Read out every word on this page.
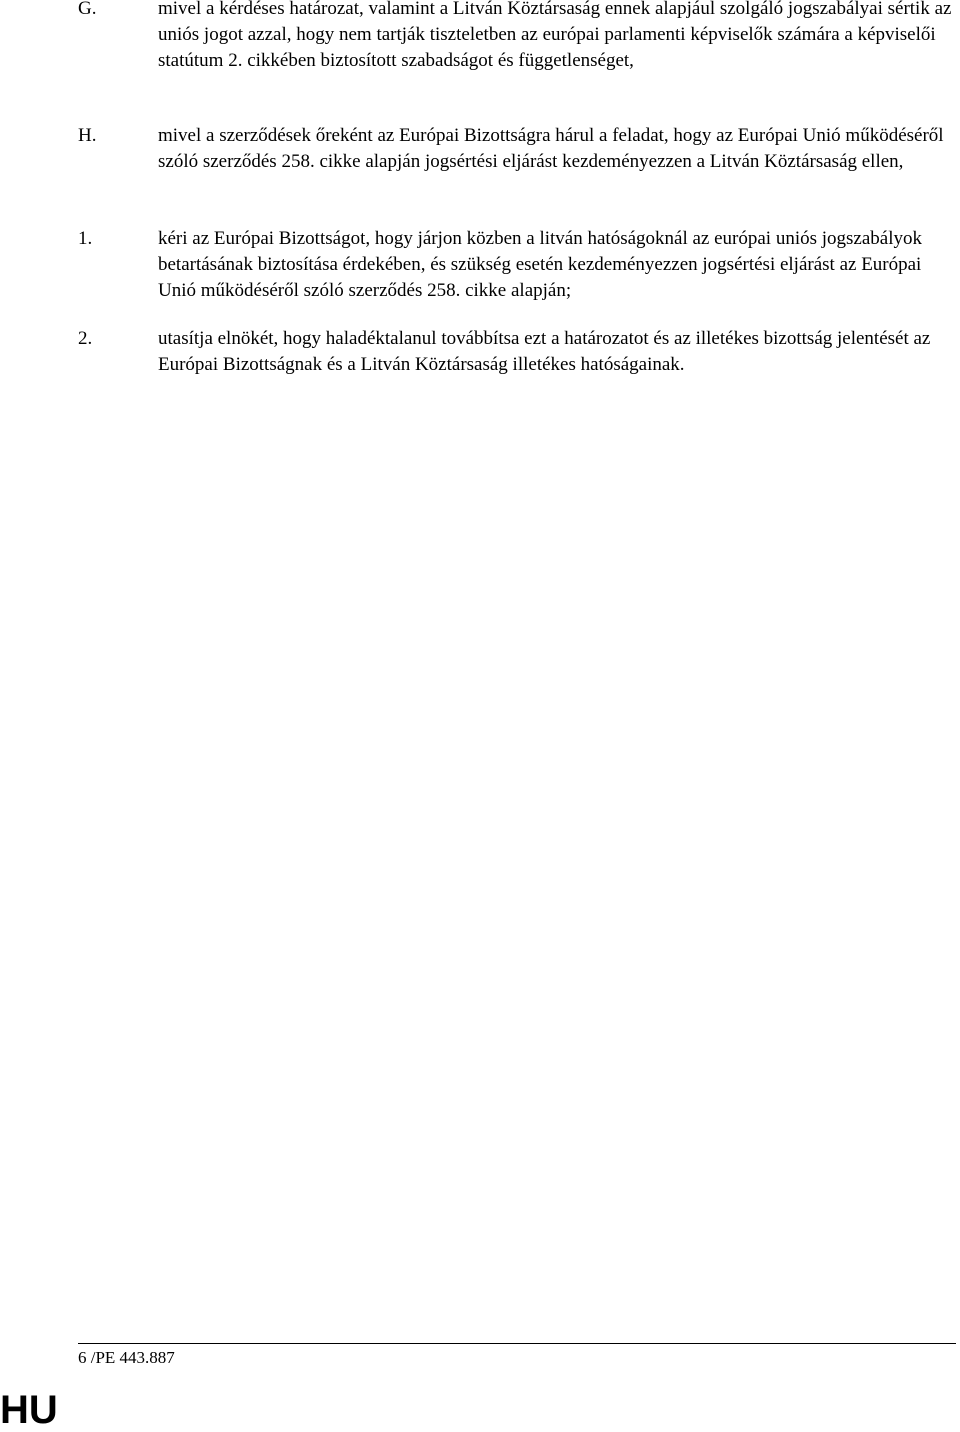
G.	mivel a kérdéses határozat, valamint a Litván Köztársaság ennek alapjául szolgáló jogszabályai sértik az uniós jogot azzal, hogy nem tartják tiszteletben az európai parlamenti képviselők számára a képviselői statútum 2. cikkében biztosított szabadságot és függetlenséget,
H.	mivel a szerződések őreként az Európai Bizottságra hárul a feladat, hogy az Európai Unió működéséről szóló szerződés 258. cikke alapján jogsértési eljárást kezdeményezzen a Litván Köztársaság ellen,
1.	kéri az Európai Bizottságot, hogy járjon közben a litván hatóságoknál az európai uniós jogszabályok betartásának biztosítása érdekében, és szükség esetén kezdeményezzen jogsértési eljárást az Európai Unió működéséről szóló szerződés 258. cikke alapján;
2.	utasítja elnökét, hogy haladéktalanul továbbítsa ezt a határozatot és az illetékes bizottság jelentését az Európai Bizottságnak és a Litván Köztársaság illetékes hatóságainak.
6 /PE 443.887
HU
